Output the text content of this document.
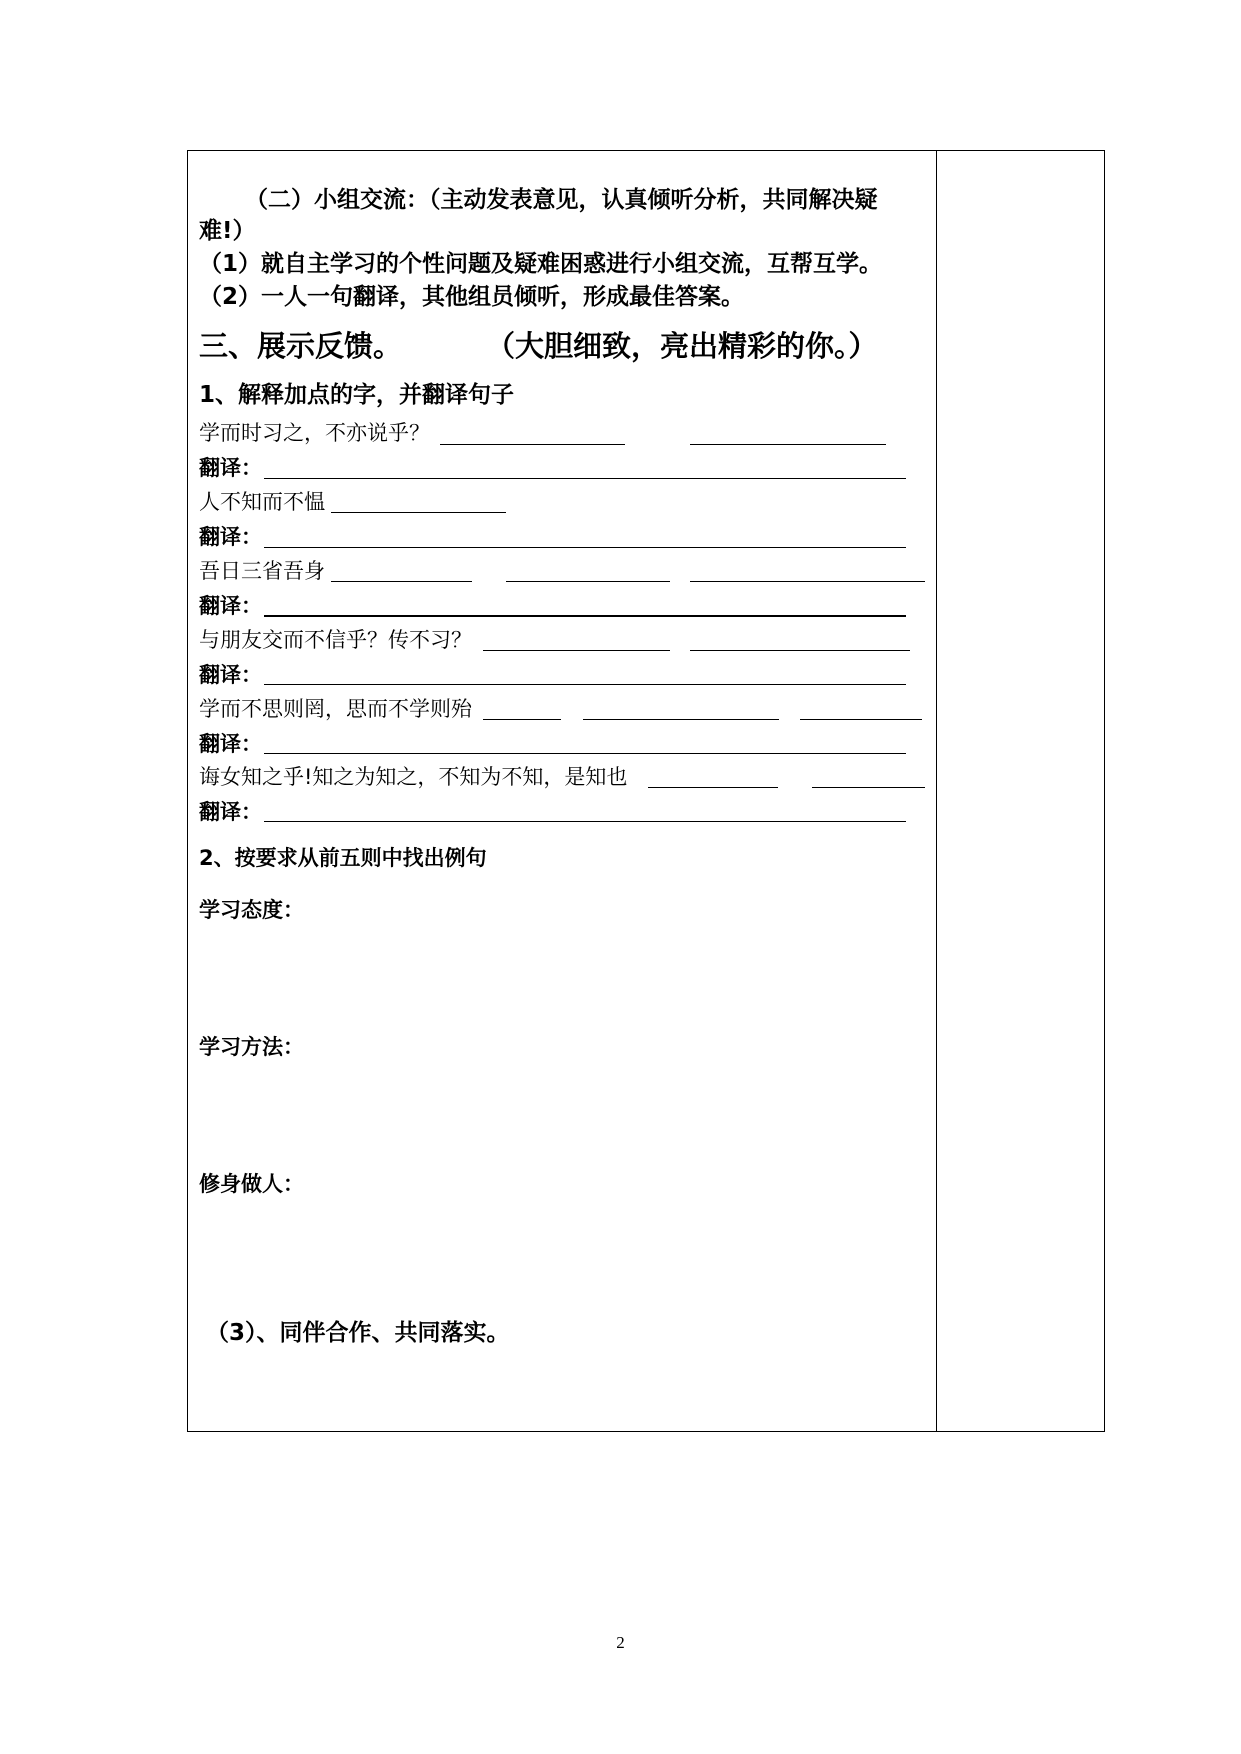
（二）小组交流：（主动发表意见，认真倾听分析，共同解决疑
难!）
（1）就自主学习的个性问题及疑难困惑进行小组交流，互帮互学。
（2）一人一句翻译，其他组员倾听，形成最佳答案。
三、展示反馈。	（大胆细致，亮出精彩的你。）
1、解释加点的字，并翻译句子
学而时习之，不亦说乎？
翻译：
人不知而不愠
翻译：
吾日三省吾身
翻译：
与朋友交而不信乎？传不习？
翻译：
学而不思则罔，思而不学则殆
翻译：
诲女知之乎!知之为知之，不知为不知，是知也
翻译：
2、按要求从前五则中找出例句
学习态度：
学习方法：
修身做人：
（3）、同伴合作、共同落实。
2
